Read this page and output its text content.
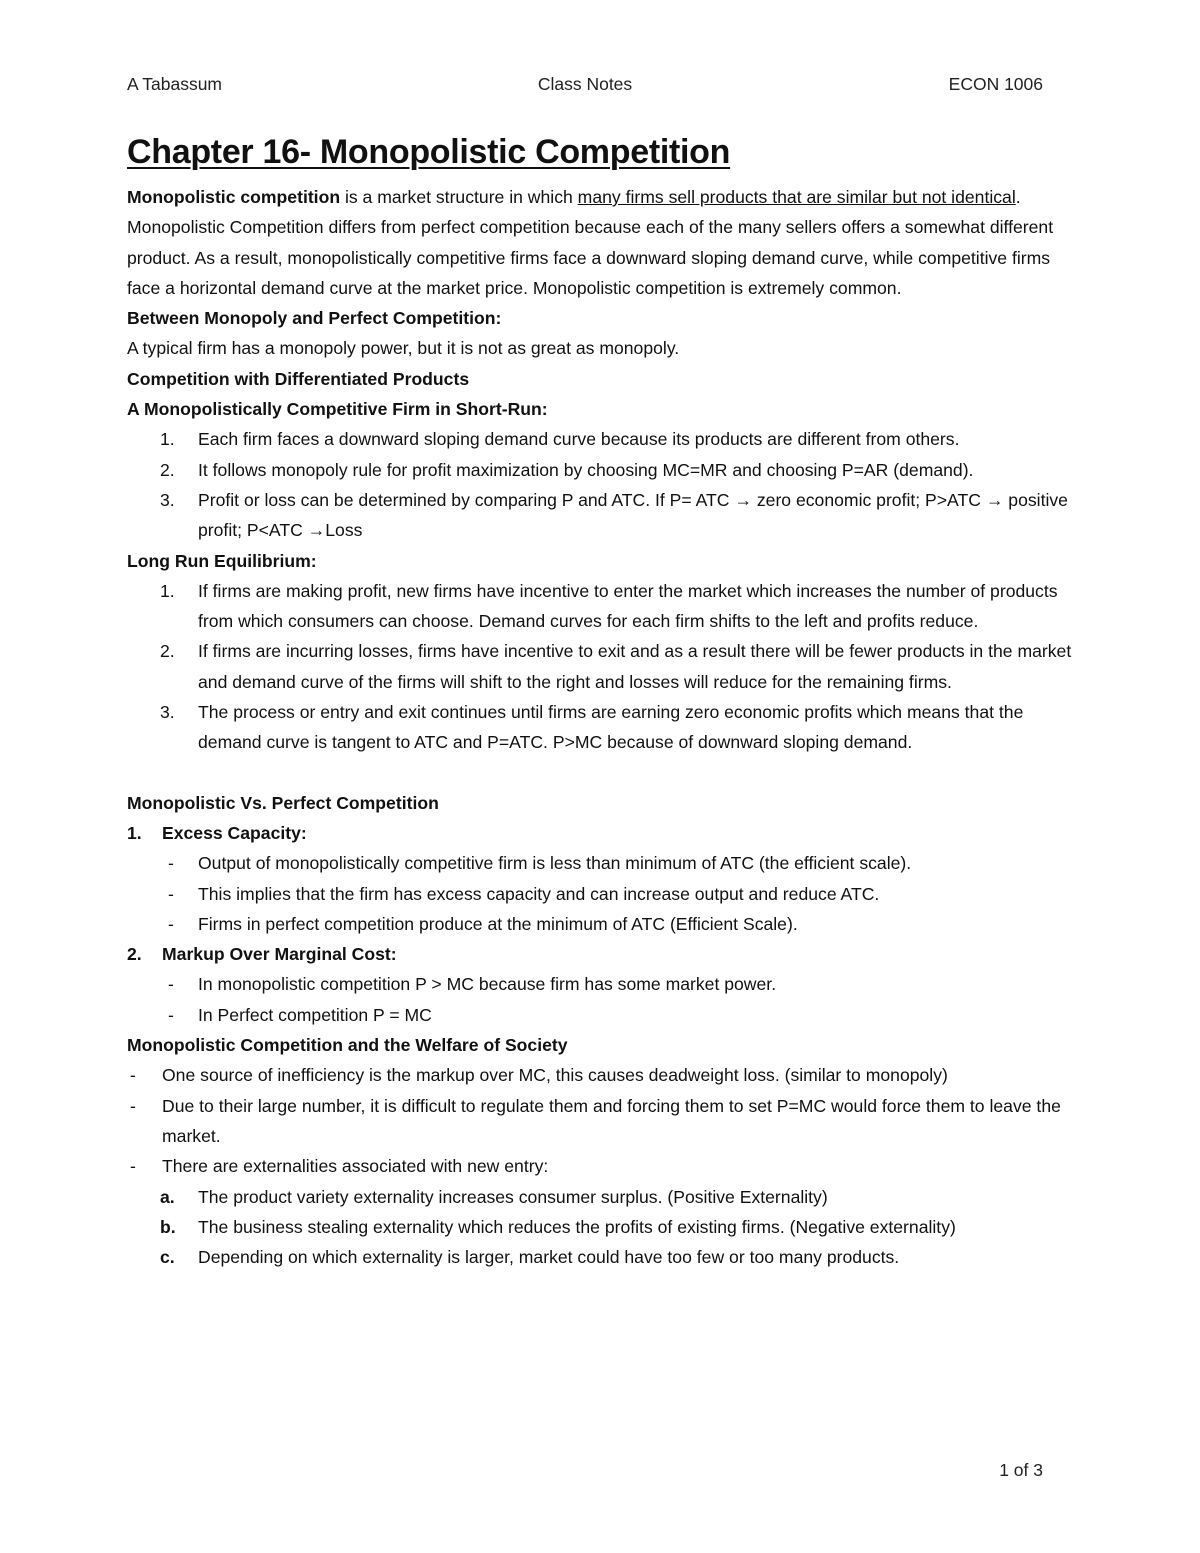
A Tabassum	Class Notes	ECON 1006
Chapter 16- Monopolistic Competition

Monopolistic competition is a market structure in which many firms sell products that are similar but not identical. Monopolistic Competition differs from perfect competition because each of the many sellers offers a somewhat different product. As a result, monopolistically competitive firms face a downward sloping demand curve, while competitive firms face a horizontal demand curve at the market price. Monopolistic competition is extremely common.

Between Monopoly and Perfect Competition:

A typical firm has a monopoly power, but it is not as great as monopoly.

Competition with Differentiated Products

A Monopolistically Competitive Firm in Short-Run:

1. Each firm faces a downward sloping demand curve because its products are different from others.
2. It follows monopoly rule for profit maximization by choosing MC=MR and choosing P=AR (demand).
3. Profit or loss can be determined by comparing P and ATC. If P= ATC → zero economic profit; P>ATC → positive profit; P<ATC →Loss

Long Run Equilibrium:

1. If firms are making profit, new firms have incentive to enter the market which increases the number of products from which consumers can choose. Demand curves for each firm shifts to the left and profits reduce.
2. If firms are incurring losses, firms have incentive to exit and as a result there will be fewer products in the market and demand curve of the firms will shift to the right and losses will reduce for the remaining firms.
3. The process or entry and exit continues until firms are earning zero economic profits which means that the demand curve is tangent to ATC and P=ATC. P>MC because of downward sloping demand.

Monopolistic Vs. Perfect Competition

1. Excess Capacity:
- Output of monopolistically competitive firm is less than minimum of ATC (the efficient scale).
- This implies that the firm has excess capacity and can increase output and reduce ATC.
- Firms in perfect competition produce at the minimum of ATC (Efficient Scale).
2. Markup Over Marginal Cost:
- In monopolistic competition P > MC because firm has some market power.
- In Perfect competition P = MC

Monopolistic Competition and the Welfare of Society

- One source of inefficiency is the markup over MC, this causes deadweight loss. (similar to monopoly)
- Due to their large number, it is difficult to regulate them and forcing them to set P=MC would force them to leave the market.
- There are externalities associated with new entry:
a. The product variety externality increases consumer surplus. (Positive Externality)
b. The business stealing externality which reduces the profits of existing firms. (Negative externality)
c. Depending on which externality is larger, market could have too few or too many products.
1 of 3
